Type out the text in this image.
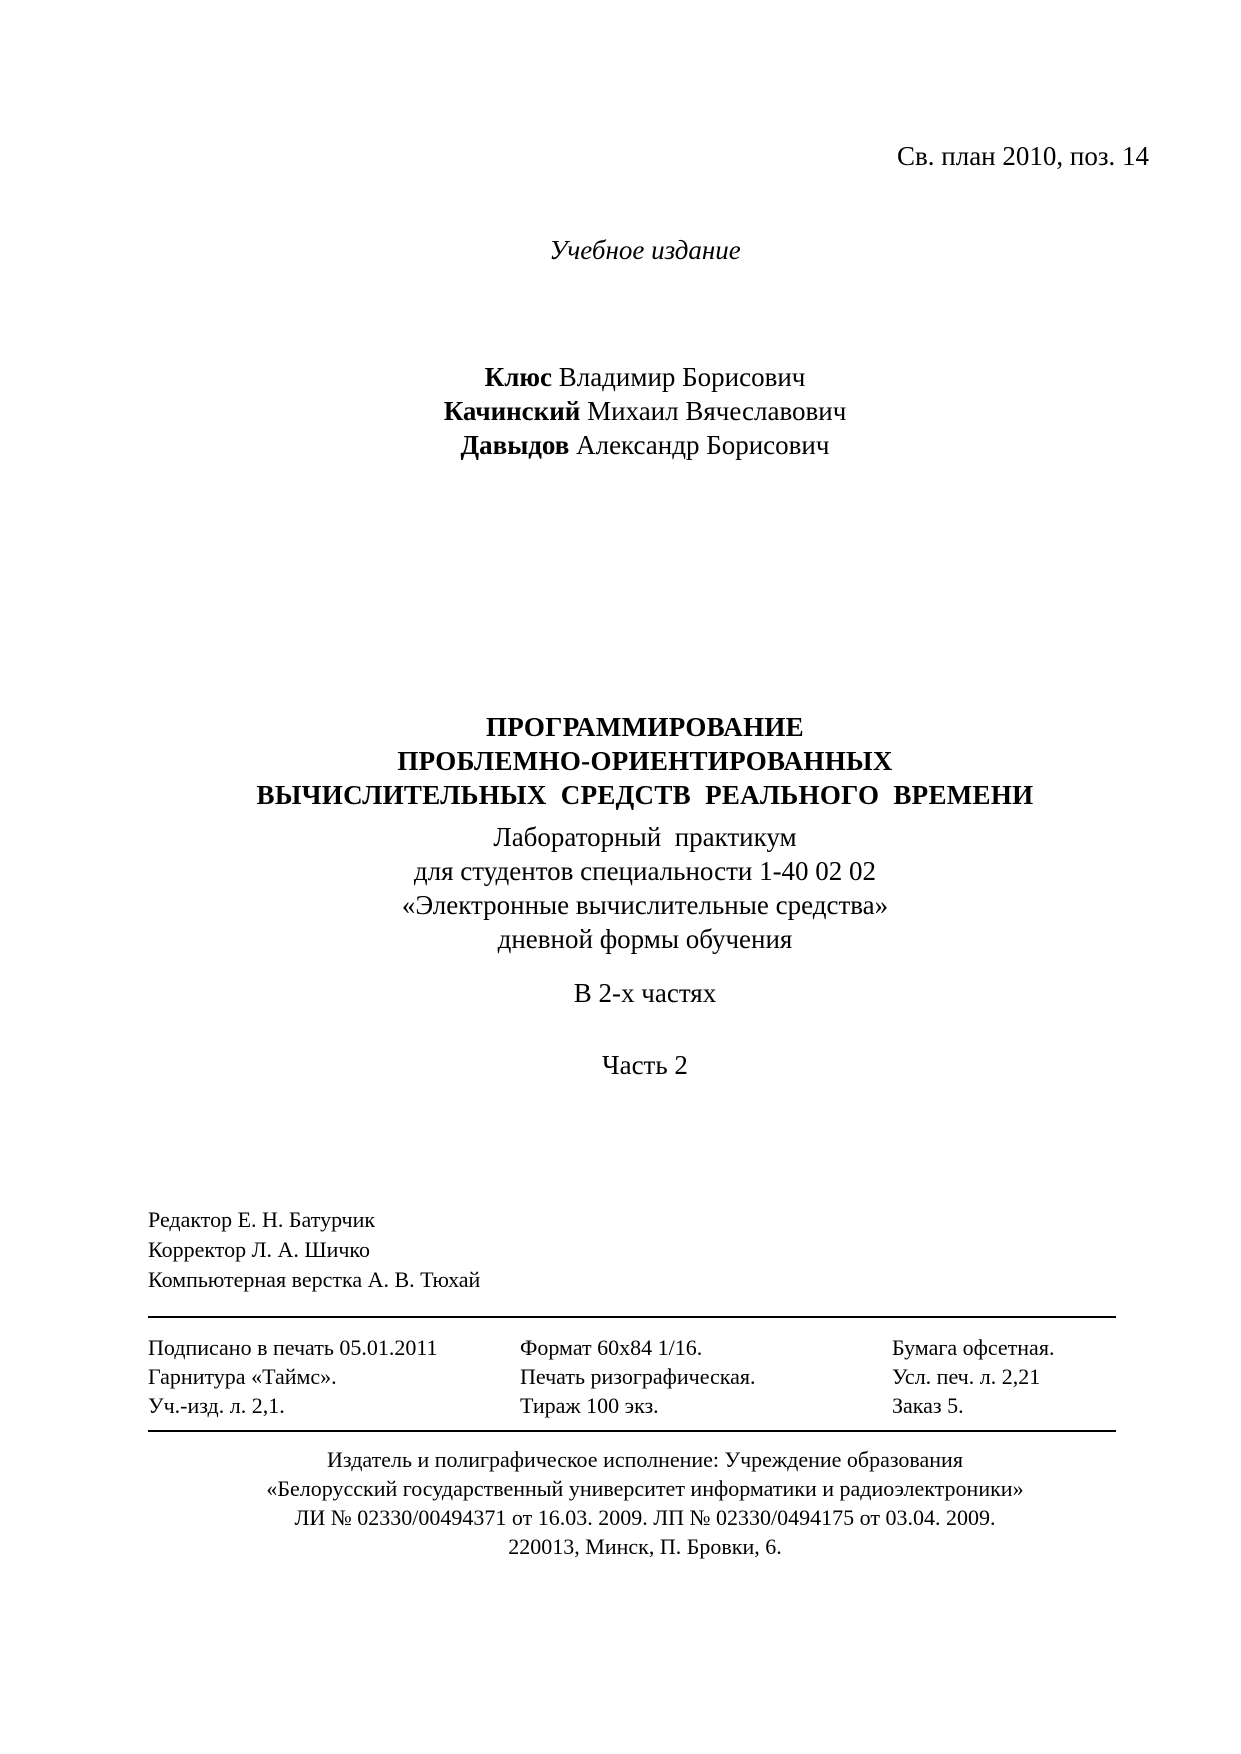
Св. план 2010, поз. 14
Учебное издание
Клюс Владимир Борисович
Качинский Михаил Вячеславович
Давыдов Александр Борисович
ПРОГРАММИРОВАНИЕ
ПРОБЛЕМНО-ОРИЕНТИРОВАННЫХ
ВЫЧИСЛИТЕЛЬНЫХ  СРЕДСТВ  РЕАЛЬНОГО  ВРЕМЕНИ
Лабораторный  практикум
для студентов специальности 1-40 02 02
«Электронные вычислительные средства»
дневной формы обучения
В 2-х частях
Часть 2
Редактор Е. Н. Батурчик
Корректор Л. А. Шичко
Компьютерная верстка А. В. Тюхай
Подписано в печать 05.01.2011
Гарнитура «Таймс».
Уч.-изд. л. 2,1.
Формат 60x84 1/16.
Печать ризографическая.
Тираж 100 экз.
Бумага офсетная.
Усл. печ. л. 2,21
Заказ 5.
Издатель и полиграфическое исполнение: Учреждение образования
«Белорусский государственный университет информатики и радиоэлектроники»
ЛИ № 02330/00494371 от 16.03. 2009. ЛП № 02330/0494175 от 03.04. 2009.
220013, Минск, П. Бровки, 6.
